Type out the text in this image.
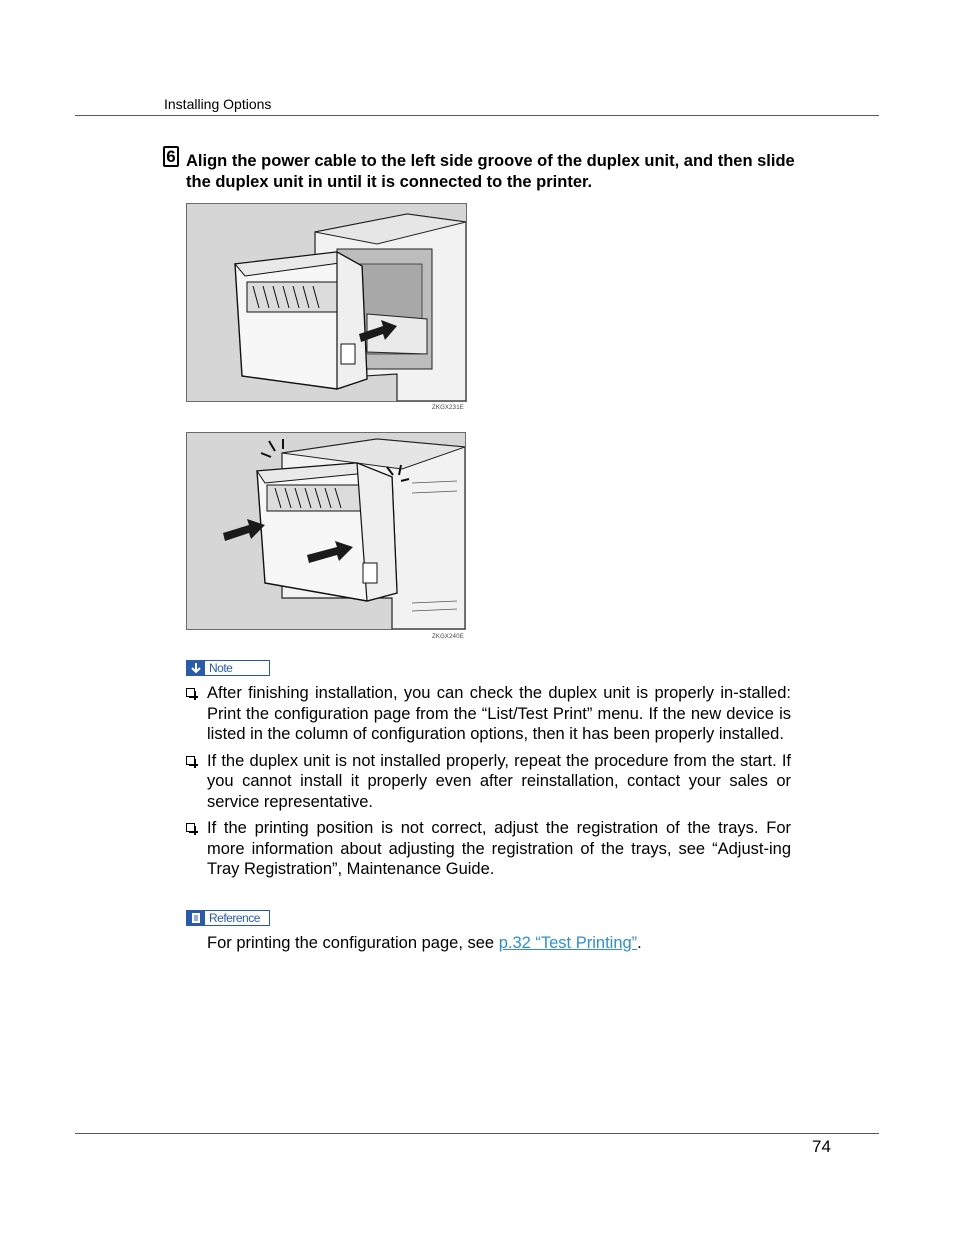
Installing Options
6 Align the power cable to the left side groove of the duplex unit, and then slide the duplex unit in until it is connected to the printer.
ZKGX231E
ZKGX240E
Note
After finishing installation, you can check the duplex unit is properly in-stalled: Print the configuration page from the “List/Test Print” menu. If the new device is listed in the column of configuration options, then it has been properly installed.
If the duplex unit is not installed properly, repeat the procedure from the start. If you cannot install it properly even after reinstallation, contact your sales or service representative.
If the printing position is not correct, adjust the registration of the trays. For more information about adjusting the registration of the trays, see “Adjust-ing Tray Registration”, Maintenance Guide.
Reference
For printing the configuration page, see p.32 “Test Printing”.
74
